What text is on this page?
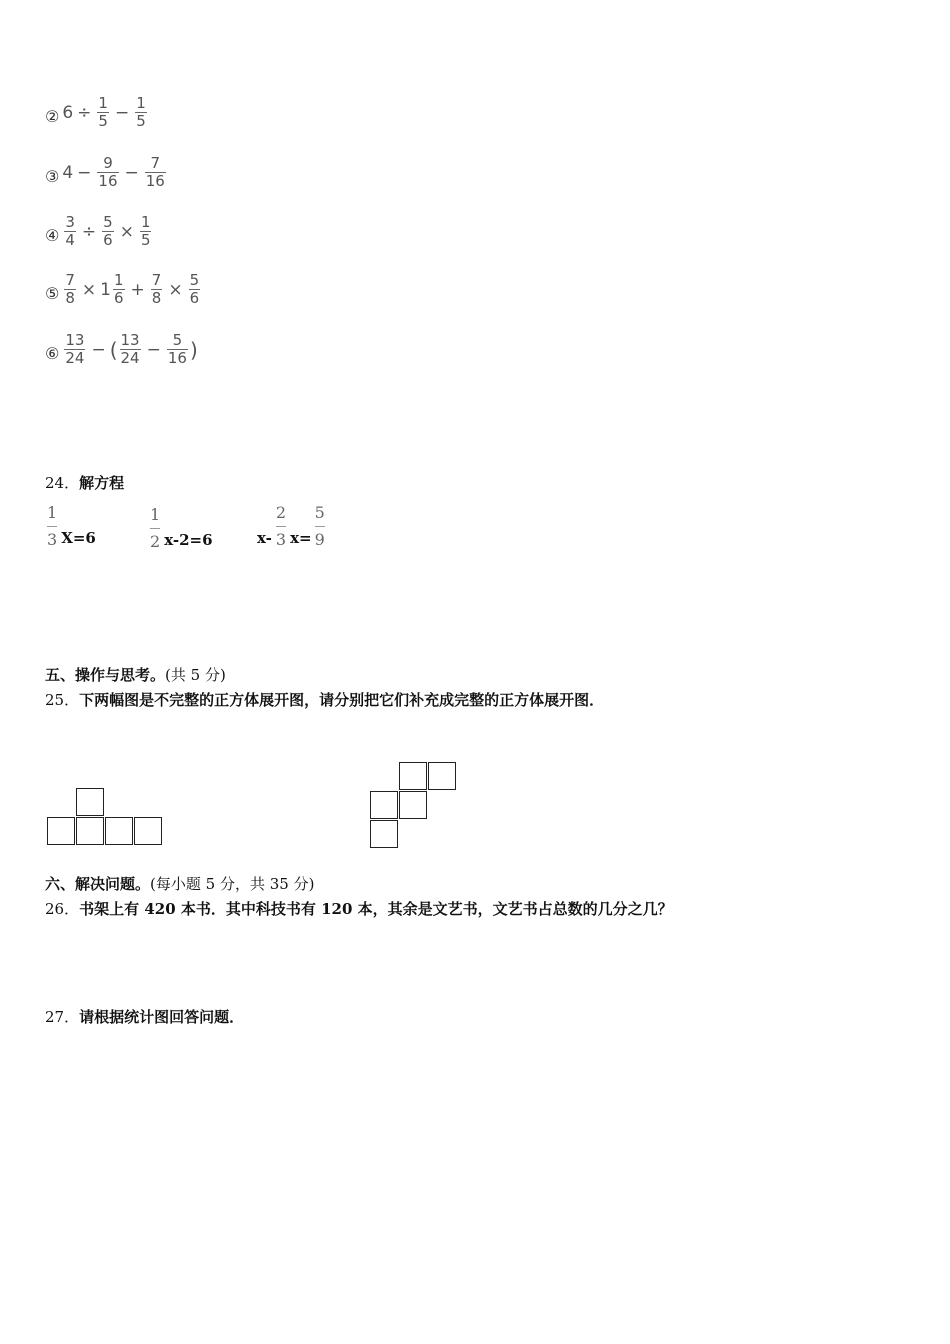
② $6 \div \frac{1}{5} - \frac{1}{5}$
③ $4 - \frac{9}{16} - \frac{7}{16}$
④ $\frac{3}{4} \div \frac{5}{6} \times \frac{1}{5}$
⑤ $\frac{7}{8} \times 1 \frac{1}{6} + \frac{7}{8} \times \frac{5}{6}$
⑥ $\frac{13}{24}$ − ( $\frac{13}{24} - \frac{5}{16}$ )
24．解方程
1
3 X=6
1
2 x-2=6	x-
2
3 $x= \frac{5}{9}$
五、操作与思考。(共 5 分)
25．下两幅图是不完整的正方体展开图，请分别把它们补充成完整的正方体展开图．
六、解决问题。(每小题 5 分，共 35 分)
26．书架上有 420 本书．其中科技书有 120 本，其余是文艺书，文艺书占总数的几分之几？
27．请根据统计图回答问题．
